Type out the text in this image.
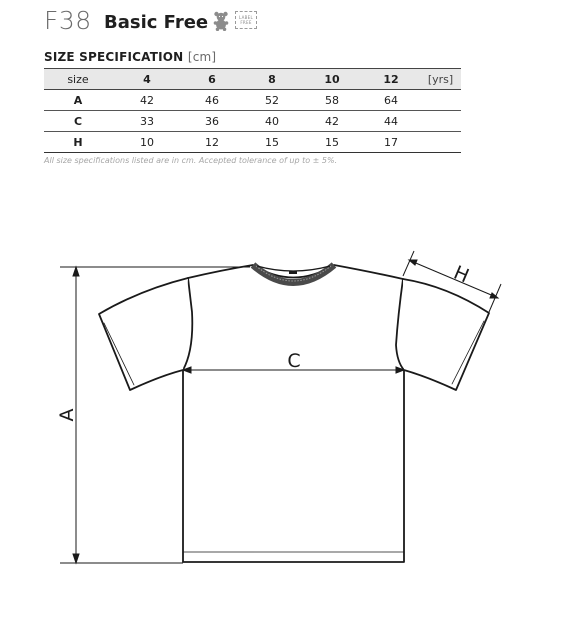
F38 Basic Free	LABEL
FREE
SIZE SPECIFICATION [cm]
size	4	6	8	10	12	[yrs]
A	42	46	52	58	64	
C	33	36	40	42	44	
H	10	12	15	15	17	
All size specifications listed are in cm. Accepted tolerance of up to ± 5%.
A
C
H
